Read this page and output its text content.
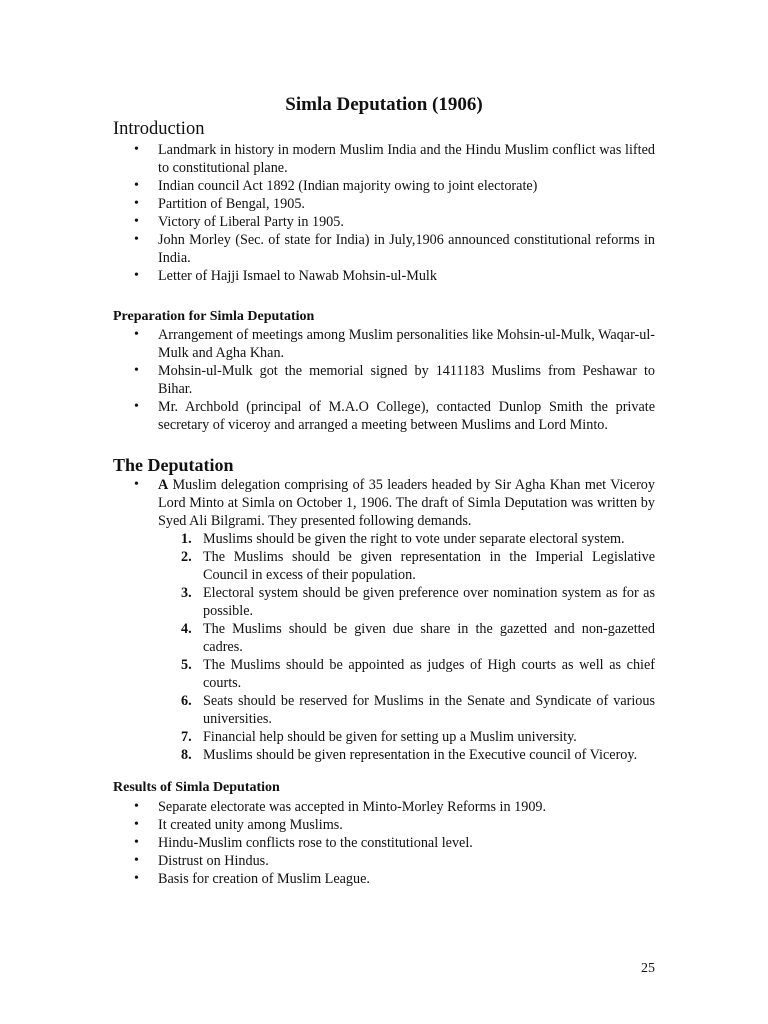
Simla Deputation (1906)
Introduction
• Landmark in history in modern Muslim India and the Hindu Muslim conflict was lifted to constitutional plane.
• Indian council Act 1892 (Indian majority owing to joint electorate)
• Partition of Bengal, 1905.
• Victory of Liberal Party in 1905.
• John Morley (Sec. of state for India) in July,1906 announced constitutional reforms in India.
• Letter of Hajji Ismael to Nawab Mohsin-ul-Mulk
Preparation for Simla Deputation
• Arrangement of meetings among Muslim personalities like Mohsin-ul-Mulk, Waqar-ul-Mulk and Agha Khan.
• Mohsin-ul-Mulk got the memorial signed by 1411183 Muslims from Peshawar to Bihar.
• Mr. Archbold (principal of M.A.O College), contacted Dunlop Smith the private secretary of viceroy and arranged a meeting between Muslims and Lord Minto.
The Deputation
• A Muslim delegation comprising of 35 leaders headed by Sir Agha Khan met Viceroy Lord Minto at Simla on October 1, 1906. The draft of Simla Deputation was written by Syed Ali Bilgrami. They presented following demands.
1. Muslims should be given the right to vote under separate electoral system.
2. The Muslims should be given representation in the Imperial Legislative Council in excess of their population.
3. Electoral system should be given preference over nomination system as for as possible.
4. The Muslims should be given due share in the gazetted and non-gazetted cadres.
5. The Muslims should be appointed as judges of High courts as well as chief courts.
6. Seats should be reserved for Muslims in the Senate and Syndicate of various universities.
7. Financial help should be given for setting up a Muslim university.
8. Muslims should be given representation in the Executive council of Viceroy.
Results of Simla Deputation
• Separate electorate was accepted in Minto-Morley Reforms in 1909.
• It created unity among Muslims.
• Hindu-Muslim conflicts rose to the constitutional level.
• Distrust on Hindus.
• Basis for creation of Muslim League.
25
